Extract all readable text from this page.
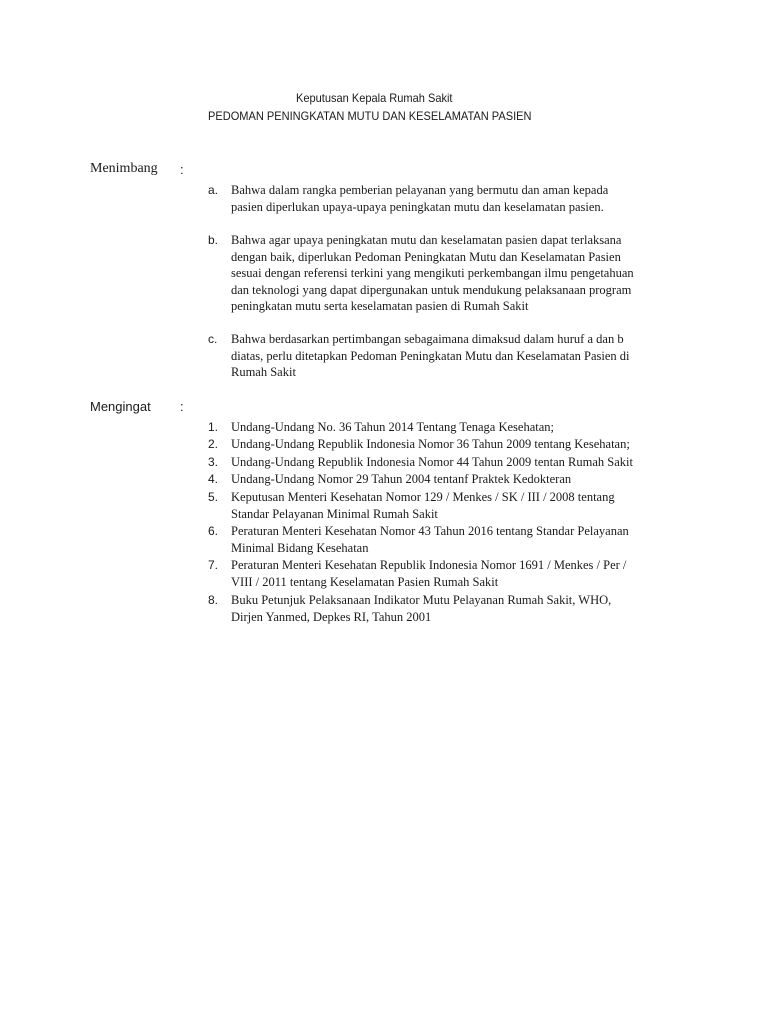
Keputusan Kepala Rumah Sakit
PEDOMAN PENINGKATAN MUTU DAN KESELAMATAN PASIEN
Menimbang :
a. Bahwa dalam rangka pemberian pelayanan yang bermutu dan aman kepada
pasien diperlukan upaya-upaya peningkatan mutu dan keselamatan pasien.
b. Bahwa agar upaya peningkatan mutu dan keselamatan pasien dapat terlaksana
dengan baik, diperlukan Pedoman Peningkatan Mutu dan Keselamatan Pasien
sesuai dengan referensi terkini yang mengikuti perkembangan ilmu pengetahuan
dan teknologi yang dapat dipergunakan untuk mendukung pelaksanaan program
peningkatan mutu serta keselamatan pasien di Rumah Sakit
c. Bahwa berdasarkan pertimbangan sebagaimana dimaksud dalam huruf a dan b
diatas, perlu ditetapkan Pedoman Peningkatan Mutu dan Keselamatan Pasien di
Rumah Sakit
Mengingat :
1. Undang-Undang No. 36 Tahun 2014 Tentang Tenaga Kesehatan;
2. Undang-Undang Republik Indonesia Nomor 36 Tahun 2009 tentang Kesehatan;
3. Undang-Undang Republik Indonesia Nomor 44 Tahun 2009 tentan Rumah Sakit
4. Undang-Undang Nomor 29 Tahun 2004 tentanf Praktek Kedokteran
5. Keputusan Menteri Kesehatan Nomor 129 / Menkes / SK / III / 2008 tentang
Standar Pelayanan Minimal Rumah Sakit
6. Peraturan Menteri Kesehatan Nomor 43 Tahun 2016 tentang Standar Pelayanan
Minimal Bidang Kesehatan
7. Peraturan Menteri Kesehatan Republik Indonesia Nomor 1691 / Menkes / Per /
VIII / 2011 tentang Keselamatan Pasien Rumah Sakit
8. Buku Petunjuk Pelaksanaan Indikator Mutu Pelayanan Rumah Sakit, WHO,
Dirjen Yanmed, Depkes RI, Tahun 2001
